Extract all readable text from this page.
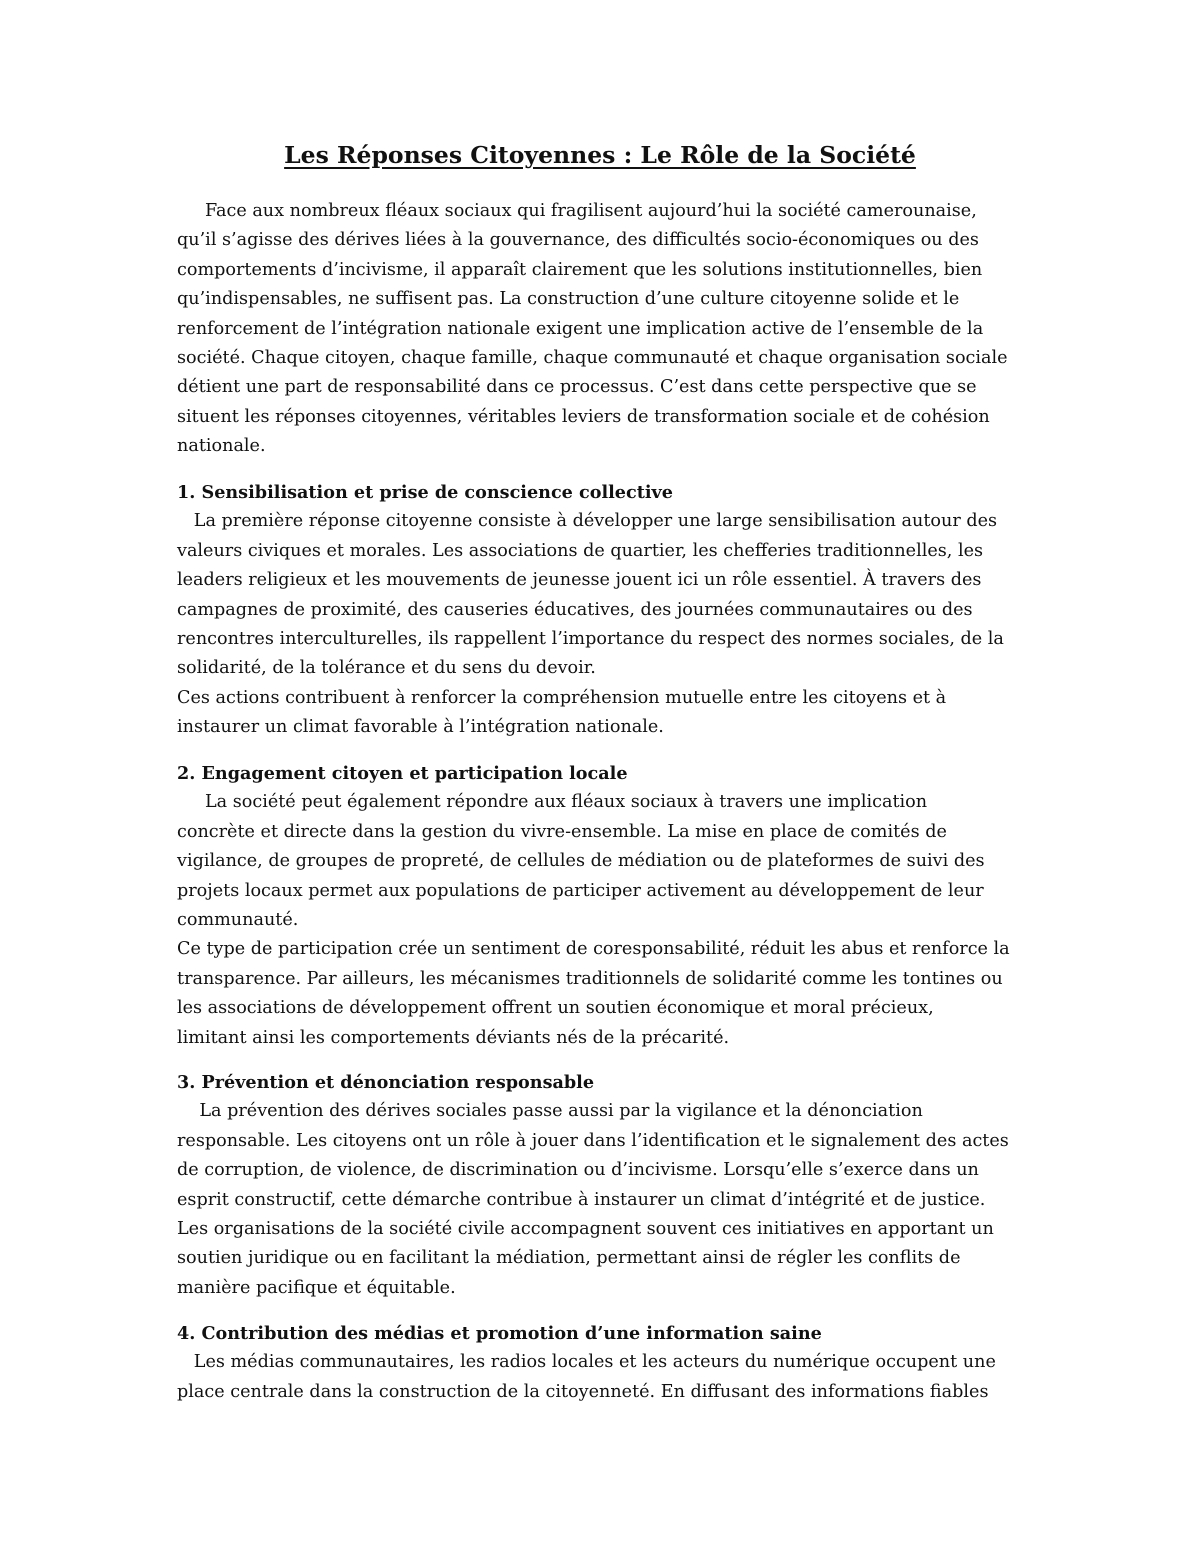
Les Réponses Citoyennes : Le Rôle de la Société

Face aux nombreux fléaux sociaux qui fragilisent aujourd’hui la société camerounaise,

qu’il s’agisse des dérives liées à la gouvernance, des difficultés socio-économiques ou des

comportements d’incivisme, il apparaît clairement que les solutions institutionnelles, bien

qu’indispensables, ne suffisent pas. La construction d’une culture citoyenne solide et le

renforcement de l’intégration nationale exigent une implication active de l’ensemble de la

société. Chaque citoyen, chaque famille, chaque communauté et chaque organisation sociale

détient une part de responsabilité dans ce processus. C’est dans cette perspective que se

situent les réponses citoyennes, véritables leviers de transformation sociale et de cohésion

nationale.

1. Sensibilisation et prise de conscience collective

La première réponse citoyenne consiste à développer une large sensibilisation autour des

valeurs civiques et morales. Les associations de quartier, les chefferies traditionnelles, les

leaders religieux et les mouvements de jeunesse jouent ici un rôle essentiel. À travers des

campagnes de proximité, des causeries éducatives, des journées communautaires ou des

rencontres interculturelles, ils rappellent l’importance du respect des normes sociales, de la

solidarité, de la tolérance et du sens du devoir.

Ces actions contribuent à renforcer la compréhension mutuelle entre les citoyens et à

instaurer un climat favorable à l’intégration nationale.

2. Engagement citoyen et participation locale

La société peut également répondre aux fléaux sociaux à travers une implication

concrète et directe dans la gestion du vivre-ensemble. La mise en place de comités de

vigilance, de groupes de propreté, de cellules de médiation ou de plateformes de suivi des

projets locaux permet aux populations de participer activement au développement de leur

communauté.

Ce type de participation crée un sentiment de coresponsabilité, réduit les abus et renforce la

transparence. Par ailleurs, les mécanismes traditionnels de solidarité comme les tontines ou

les associations de développement offrent un soutien économique et moral précieux,

limitant ainsi les comportements déviants nés de la précarité.

3. Prévention et dénonciation responsable

La prévention des dérives sociales passe aussi par la vigilance et la dénonciation

responsable. Les citoyens ont un rôle à jouer dans l’identification et le signalement des actes

de corruption, de violence, de discrimination ou d’incivisme. Lorsqu’elle s’exerce dans un

esprit constructif, cette démarche contribue à instaurer un climat d’intégrité et de justice.

Les organisations de la société civile accompagnent souvent ces initiatives en apportant un

soutien juridique ou en facilitant la médiation, permettant ainsi de régler les conflits de

manière pacifique et équitable.

4. Contribution des médias et promotion d’une information saine

Les médias communautaires, les radios locales et les acteurs du numérique occupent une

place centrale dans la construction de la citoyenneté. En diffusant des informations fiables
